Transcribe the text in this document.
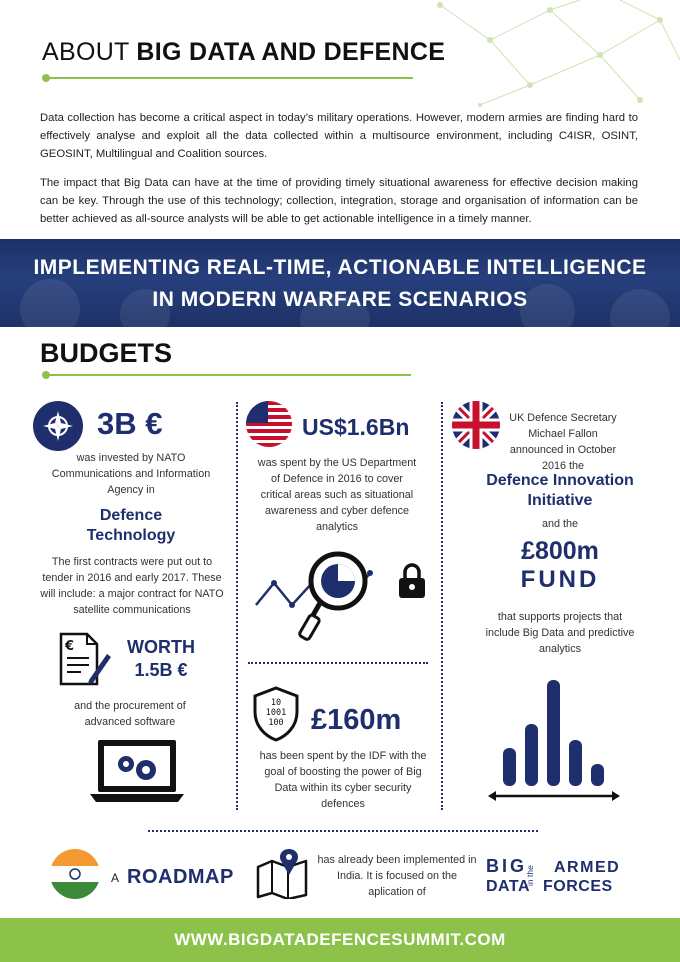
ABOUT BIG DATA AND DEFENCE

Data collection has become a critical aspect in today’s military operations. However, modern armies are finding hard to effectively analyse and exploit all the data collected within a multisource environment, including C4ISR, OSINT, GEOSINT, Multilingual and Coalition sources.

The impact that Big Data can have at the time of providing timely situational awareness for effective decision making can be key. Through the use of this technology; collection, integration, storage and organisation of information can be better achieved as all-source analysts will be able to get actionable intelligence in a timely manner.

IMPLEMENTING REAL-TIME, ACTIONABLE INTELLIGENCE
IN MODERN WARFARE SCENARIOS
BUDGETS
3B €

was invested by NATO Communications and Information Agency in

Defence Technology

The first contracts were put out to tender in 2016 and early 2017. These will include: a major contract for NATO satellite communications

€	WORTH 1.5B €

and the procurement of advanced software

US$1.6Bn

was spent by the US Department of Defence in 2016 to cover critical areas such as situational awareness and cyber defence analytics

10 1001 100 £160m

has been spent by the IDF with the goal of boosting the power of Big Data within its cyber security defences

UK Defence Secretary Michael Fallon announced in October 2016 the

Defence Innovation Initiative

and the

£800m
FUND

that supports projects that include Big Data and predictive analytics

A ROADMAP

has already been implemented in India. It is focused on the aplication of

BIG
DATA
in the ARMED
FORCES
WWW.BIGDATADEFENCESUMMIT.COM
